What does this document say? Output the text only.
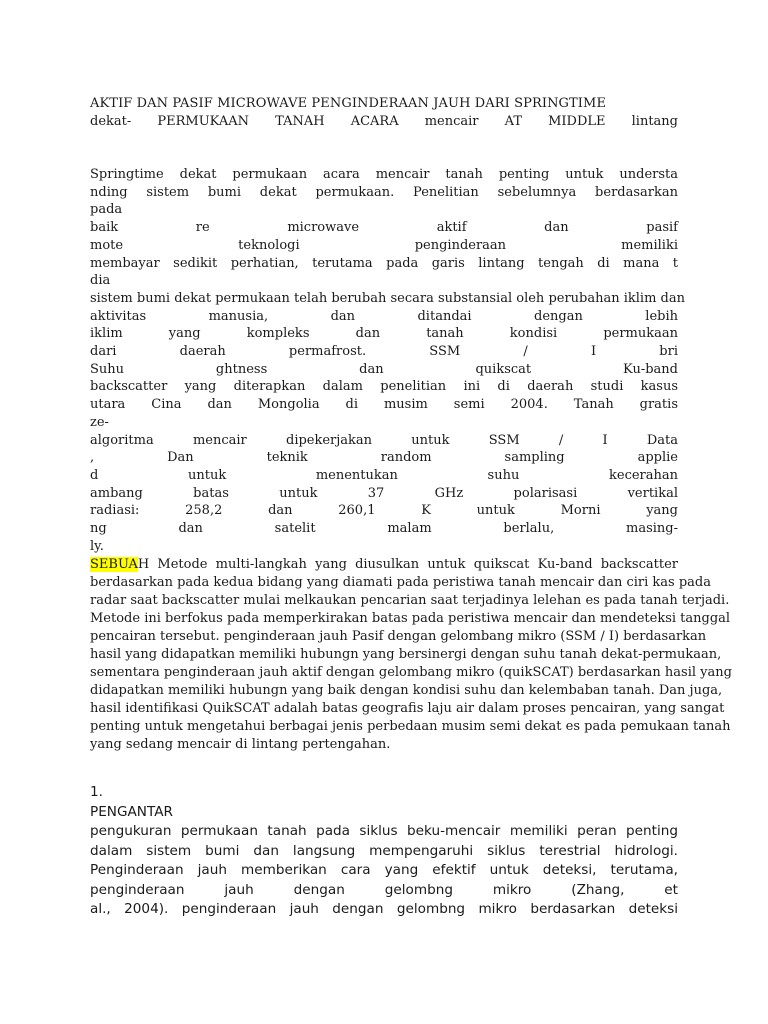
AKTIF DAN PASIF MICROWAVE PENGINDERAAN JAUH DARI SPRINGTIME
dekat- PERMUKAAN TANAH ACARA mencair AT MIDDLE lintang
Springtime dekat permukaan acara mencair tanah penting untuk understa
nding sistem bumi dekat permukaan. Penelitian sebelumnya berdasarkan
pada
baik re microwave aktif dan pasif
mote teknologi penginderaan memiliki
membayar sedikit perhatian, terutama pada garis lintang tengah di mana t
dia
sistem bumi dekat permukaan telah berubah secara substansial oleh perubahan iklim dan
aktivitas manusia, dan ditandai dengan lebih
iklim yang kompleks dan tanah kondisi permukaan
dari daerah permafrost. SSM / I bri
Suhu ghtness dan quikscat Ku-band
backscatter yang diterapkan dalam penelitian ini di daerah studi kasus
utara Cina dan Mongolia di musim semi 2004. Tanah gratis
ze-
algoritma mencair dipekerjakan untuk SSM / I Data
, Dan teknik random sampling applie
d untuk menentukan suhu kecerahan
ambang batas untuk 37 GHz polarisasi vertikal
radiasi: 258,2 dan 260,1 K untuk Morni yang
ng dan satelit malam berlalu, masing-
ly.
SEBUAH Metode multi-langkah yang diusulkan untuk quikscat Ku-band backscatter
berdasarkan pada kedua bidang yang diamati pada peristiwa tanah mencair dan ciri kas pada
radar saat backscatter mulai melkaukan pencarian saat terjadinya lelehan es pada tanah terjadi.
Metode ini berfokus pada memperkirakan batas pada peristiwa mencair dan mendeteksi tanggal
pencairan tersebut. penginderaan jauh Pasif dengan gelombang mikro (SSM / I) berdasarkan
hasil yang didapatkan memiliki hubungn yang bersinergi dengan suhu tanah dekat-permukaan,
sementara penginderaan jauh aktif dengan gelombang mikro (quikSCAT) berdasarkan hasil yang
didapatkan memiliki hubungn yang baik dengan kondisi suhu dan kelembaban tanah. Dan juga,
hasil identifikasi QuikSCAT adalah batas geografis laju air dalam proses pencairan, yang sangat
penting untuk mengetahui berbagai jenis perbedaan musim semi dekat es pada pemukaan tanah
yang sedang mencair di lintang pertengahan.
1.
PENGANTAR
pengukuran permukaan tanah pada siklus beku-mencair memiliki peran penting
dalam sistem bumi dan langsung mempengaruhi siklus terestrial hidrologi.
Penginderaan jauh memberikan cara yang efektif untuk deteksi, terutama,
penginderaan jauh dengan gelombng mikro (Zhang, et
al., 2004). penginderaan jauh dengan gelombng mikro berdasarkan deteksi
